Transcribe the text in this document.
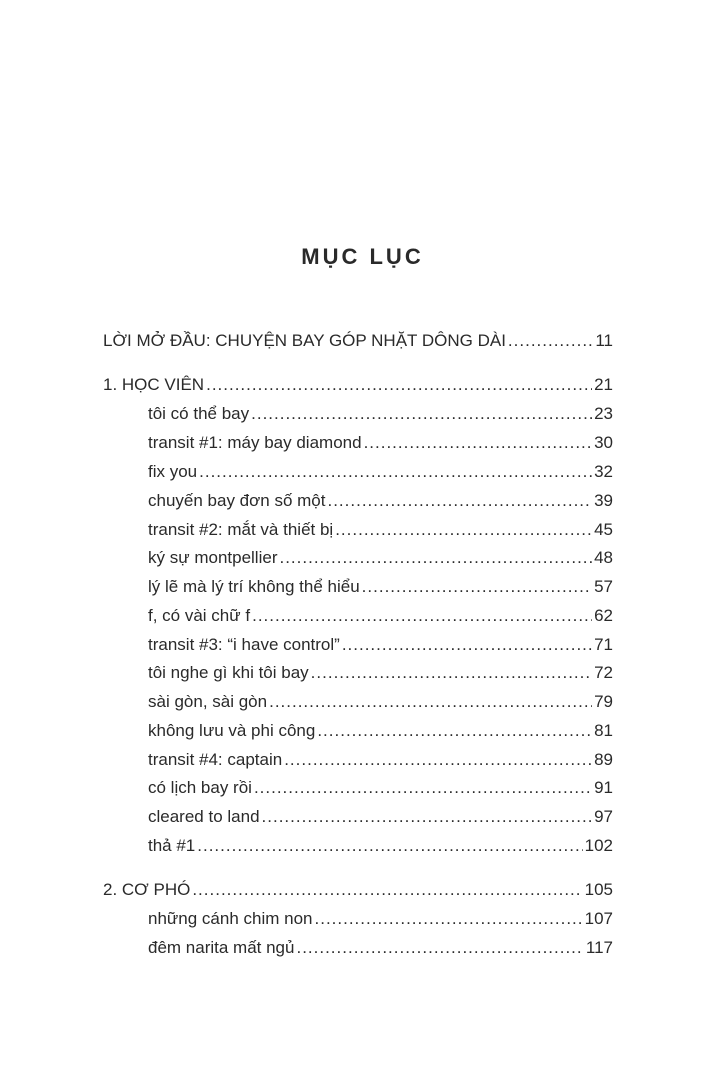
MỤC LỤC
LỜI MỞ ĐẦU: CHUYỆN BAY GÓP NHẶT DÔNG DÀI .....	11
1. HỌC VIÊN .....	21
tôi có thể bay .....	23
transit #1: máy bay diamond .....	30
fix you .....	32
chuyến bay đơn số một .....	39
transit #2: mắt và thiết bị .....	45
ký sự montpellier .....	48
lý lẽ mà lý trí không thể hiểu .....	57
f, có vài chữ f .....	62
transit #3: “i have control” .....	71
tôi nghe gì khi tôi bay .....	72
sài gòn, sài gòn .....	79
không lưu và phi công .....	81
transit #4: captain .....	89
có lịch bay rồi .....	91
cleared to land .....	97
thả #1 .....	102
2. CƠ PHÓ .....	105
những cánh chim non .....	107
đêm narita mất ngủ .....	117
